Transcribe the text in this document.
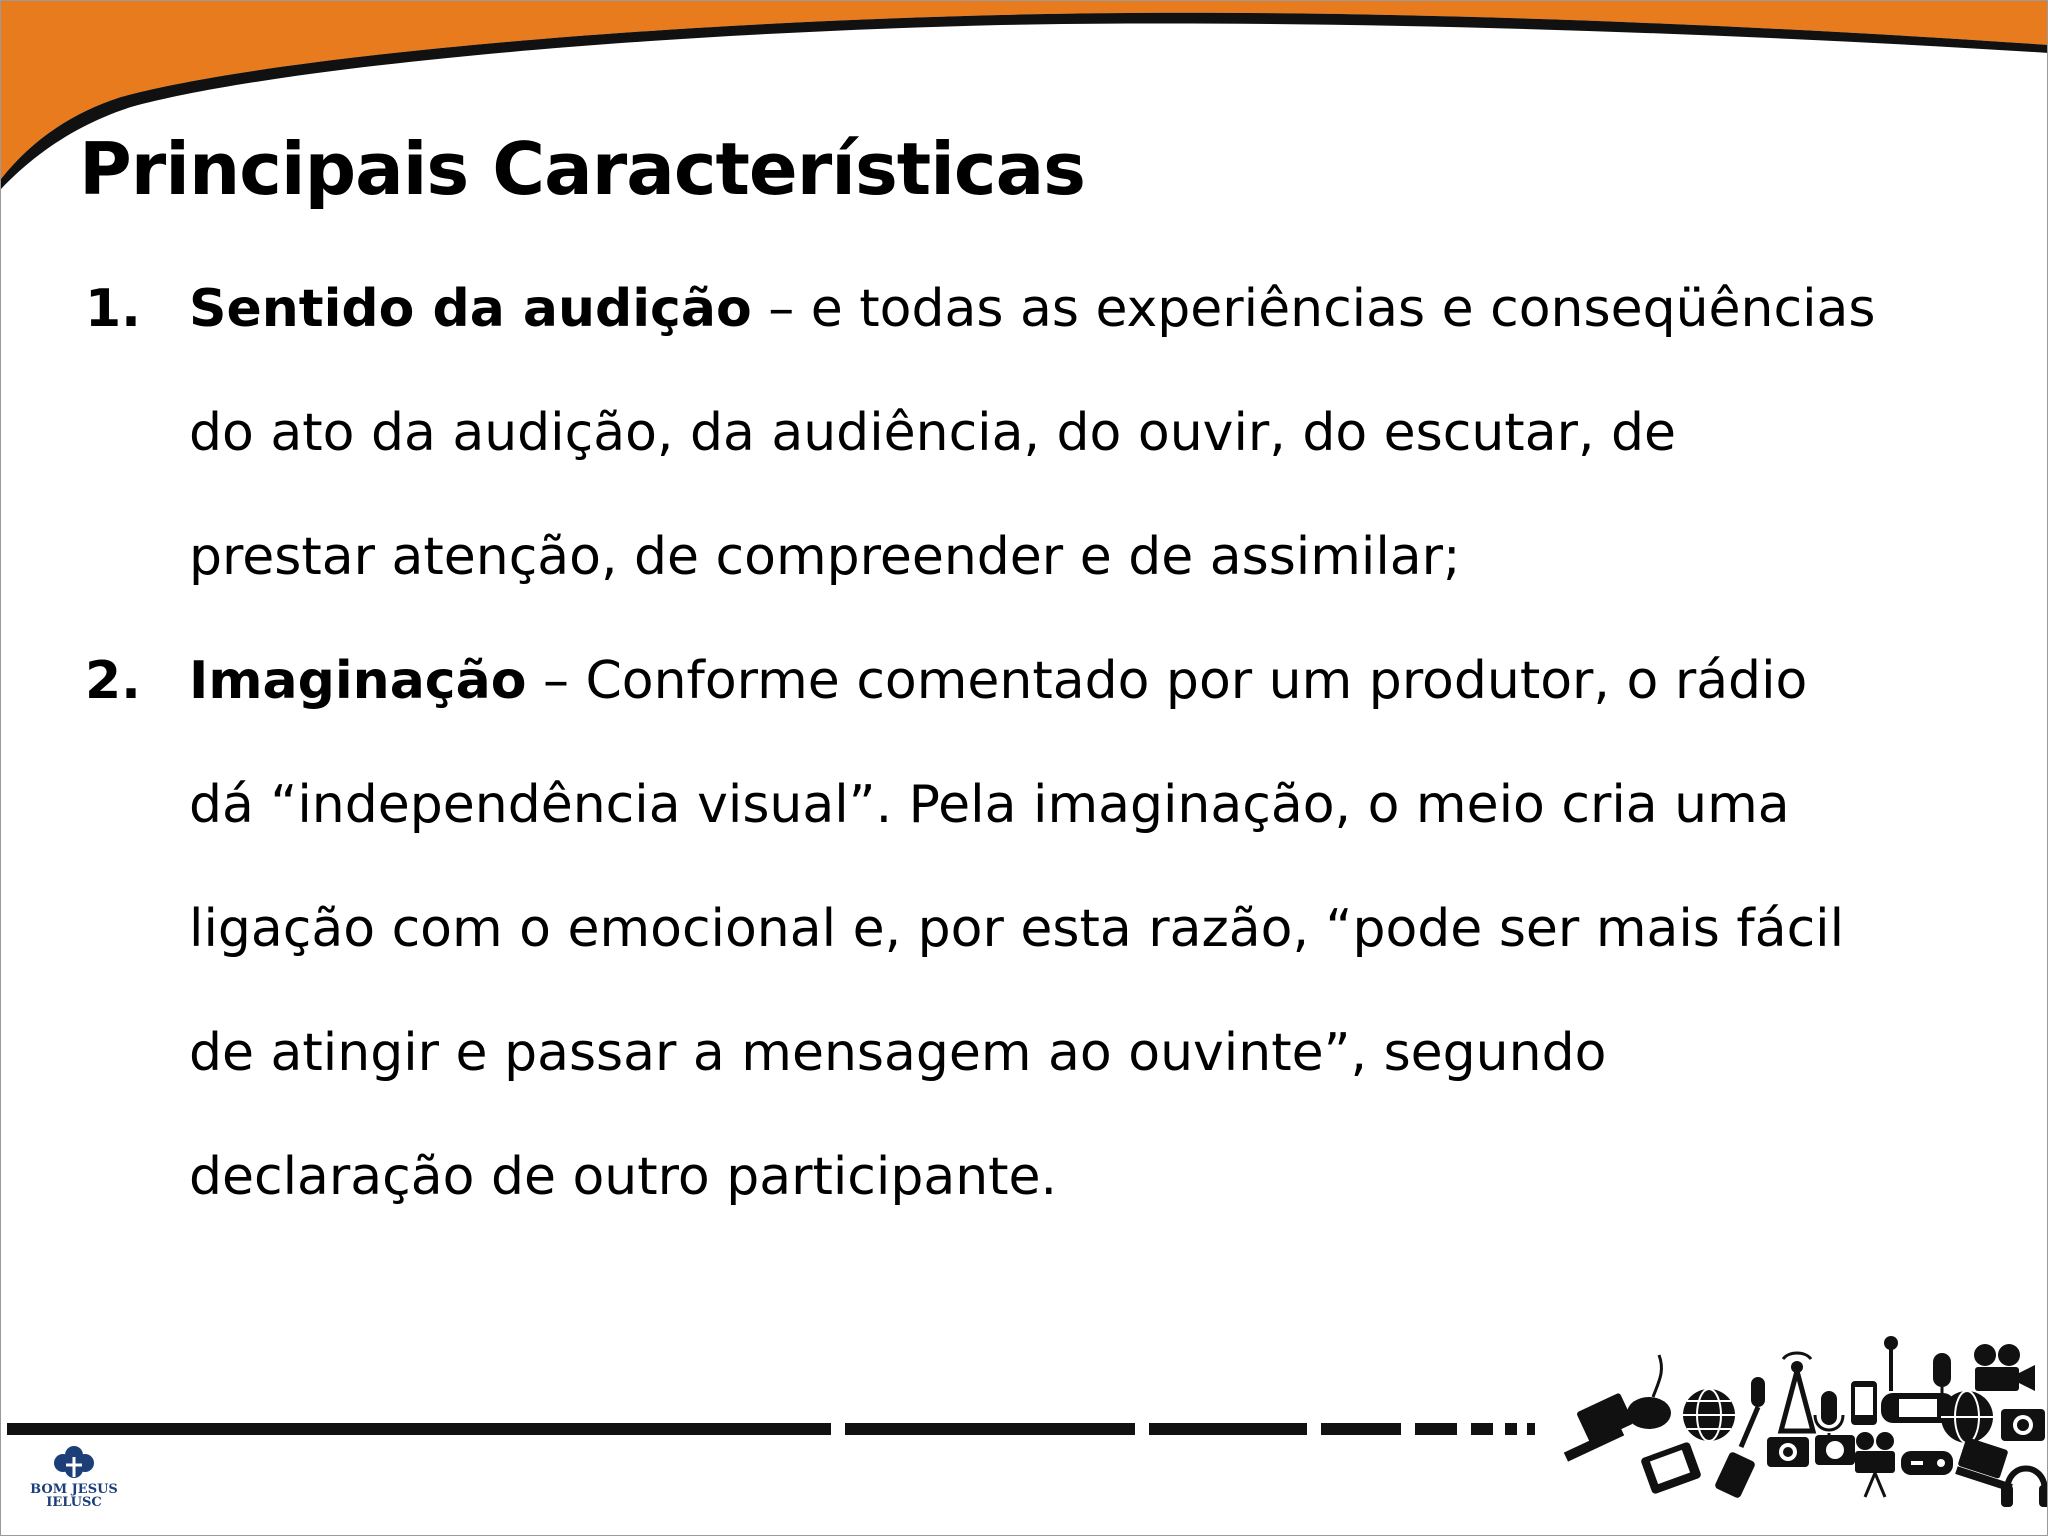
Principais Características
1. Sentido da audição – e todas as experiências e conseqüências
do ato da audição, da audiência, do ouvir, do escutar, de
prestar atenção, de compreender e de assimilar;
2. Imaginação – Conforme comentado por um produtor, o rádio
dá “independência visual”. Pela imaginação, o meio cria uma
ligação com o emocional e, por esta razão, “pode ser mais fácil
de atingir e passar a mensagem ao ouvinte”, segundo
declaração de outro participante.
BOM JESUS
IELUSC
